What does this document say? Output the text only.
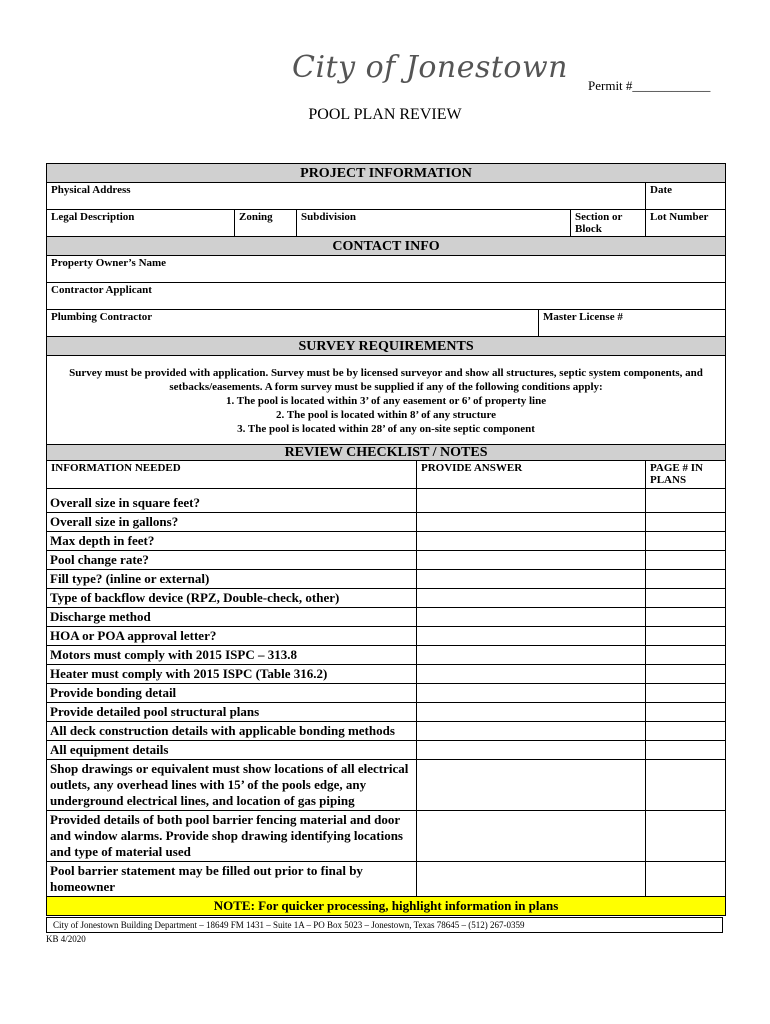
City of Jonestown
Permit #____________
POOL PLAN REVIEW
PROJECT INFORMATION						
Physical Address						Date
Legal Description	Zoning	Subdivision			Section or Block	Lot Number
CONTACT INFO						
Property Owner’s Name						
Contractor Applicant						
Plumbing Contractor				Master License #		
SURVEY REQUIREMENTS						
Survey must be provided with application. Survey must be by licensed surveyor and show all structures, septic system components, and setbacks/easements. A form survey must be supplied if any of the following conditions apply:
1. The pool is located within 3’ of any easement or 6’ of property line
2. The pool is located within 8’ of any structure
3. The pool is located within 28’ of any on-site septic component						

REVIEW CHECKLIST / NOTES						
INFORMATION NEEDED			PROVIDE ANSWER			PAGE # IN PLANS
Overall size in square feet?						
Overall size in gallons?						
Max depth in feet?						
Pool change rate?						
Fill type? (inline or external)						
Type of backflow device (RPZ, Double-check, other)						
Discharge method						
HOA or POA approval letter?						
Motors must comply with 2015 ISPC – 313.8						
Heater must comply with 2015 ISPC (Table 316.2)						
Provide bonding detail						
Provide detailed pool structural plans						
All deck construction details with applicable bonding methods						
All equipment details						
Shop drawings or equivalent must show locations of all electrical outlets, any overhead lines with 15’ of the pools edge, any underground electrical lines, and location of gas piping						
Provided details of both pool barrier fencing material and door and window alarms. Provide shop drawing identifying locations and type of material used						
Pool barrier statement may be filled out prior to final by homeowner						
NOTE: For quicker processing, highlight information in plans						
City of Jonestown Building Department – 18649 FM 1431 – Suite 1A – PO Box 5023 – Jonestown, Texas 78645 – (512) 267-0359
KB 4/2020
